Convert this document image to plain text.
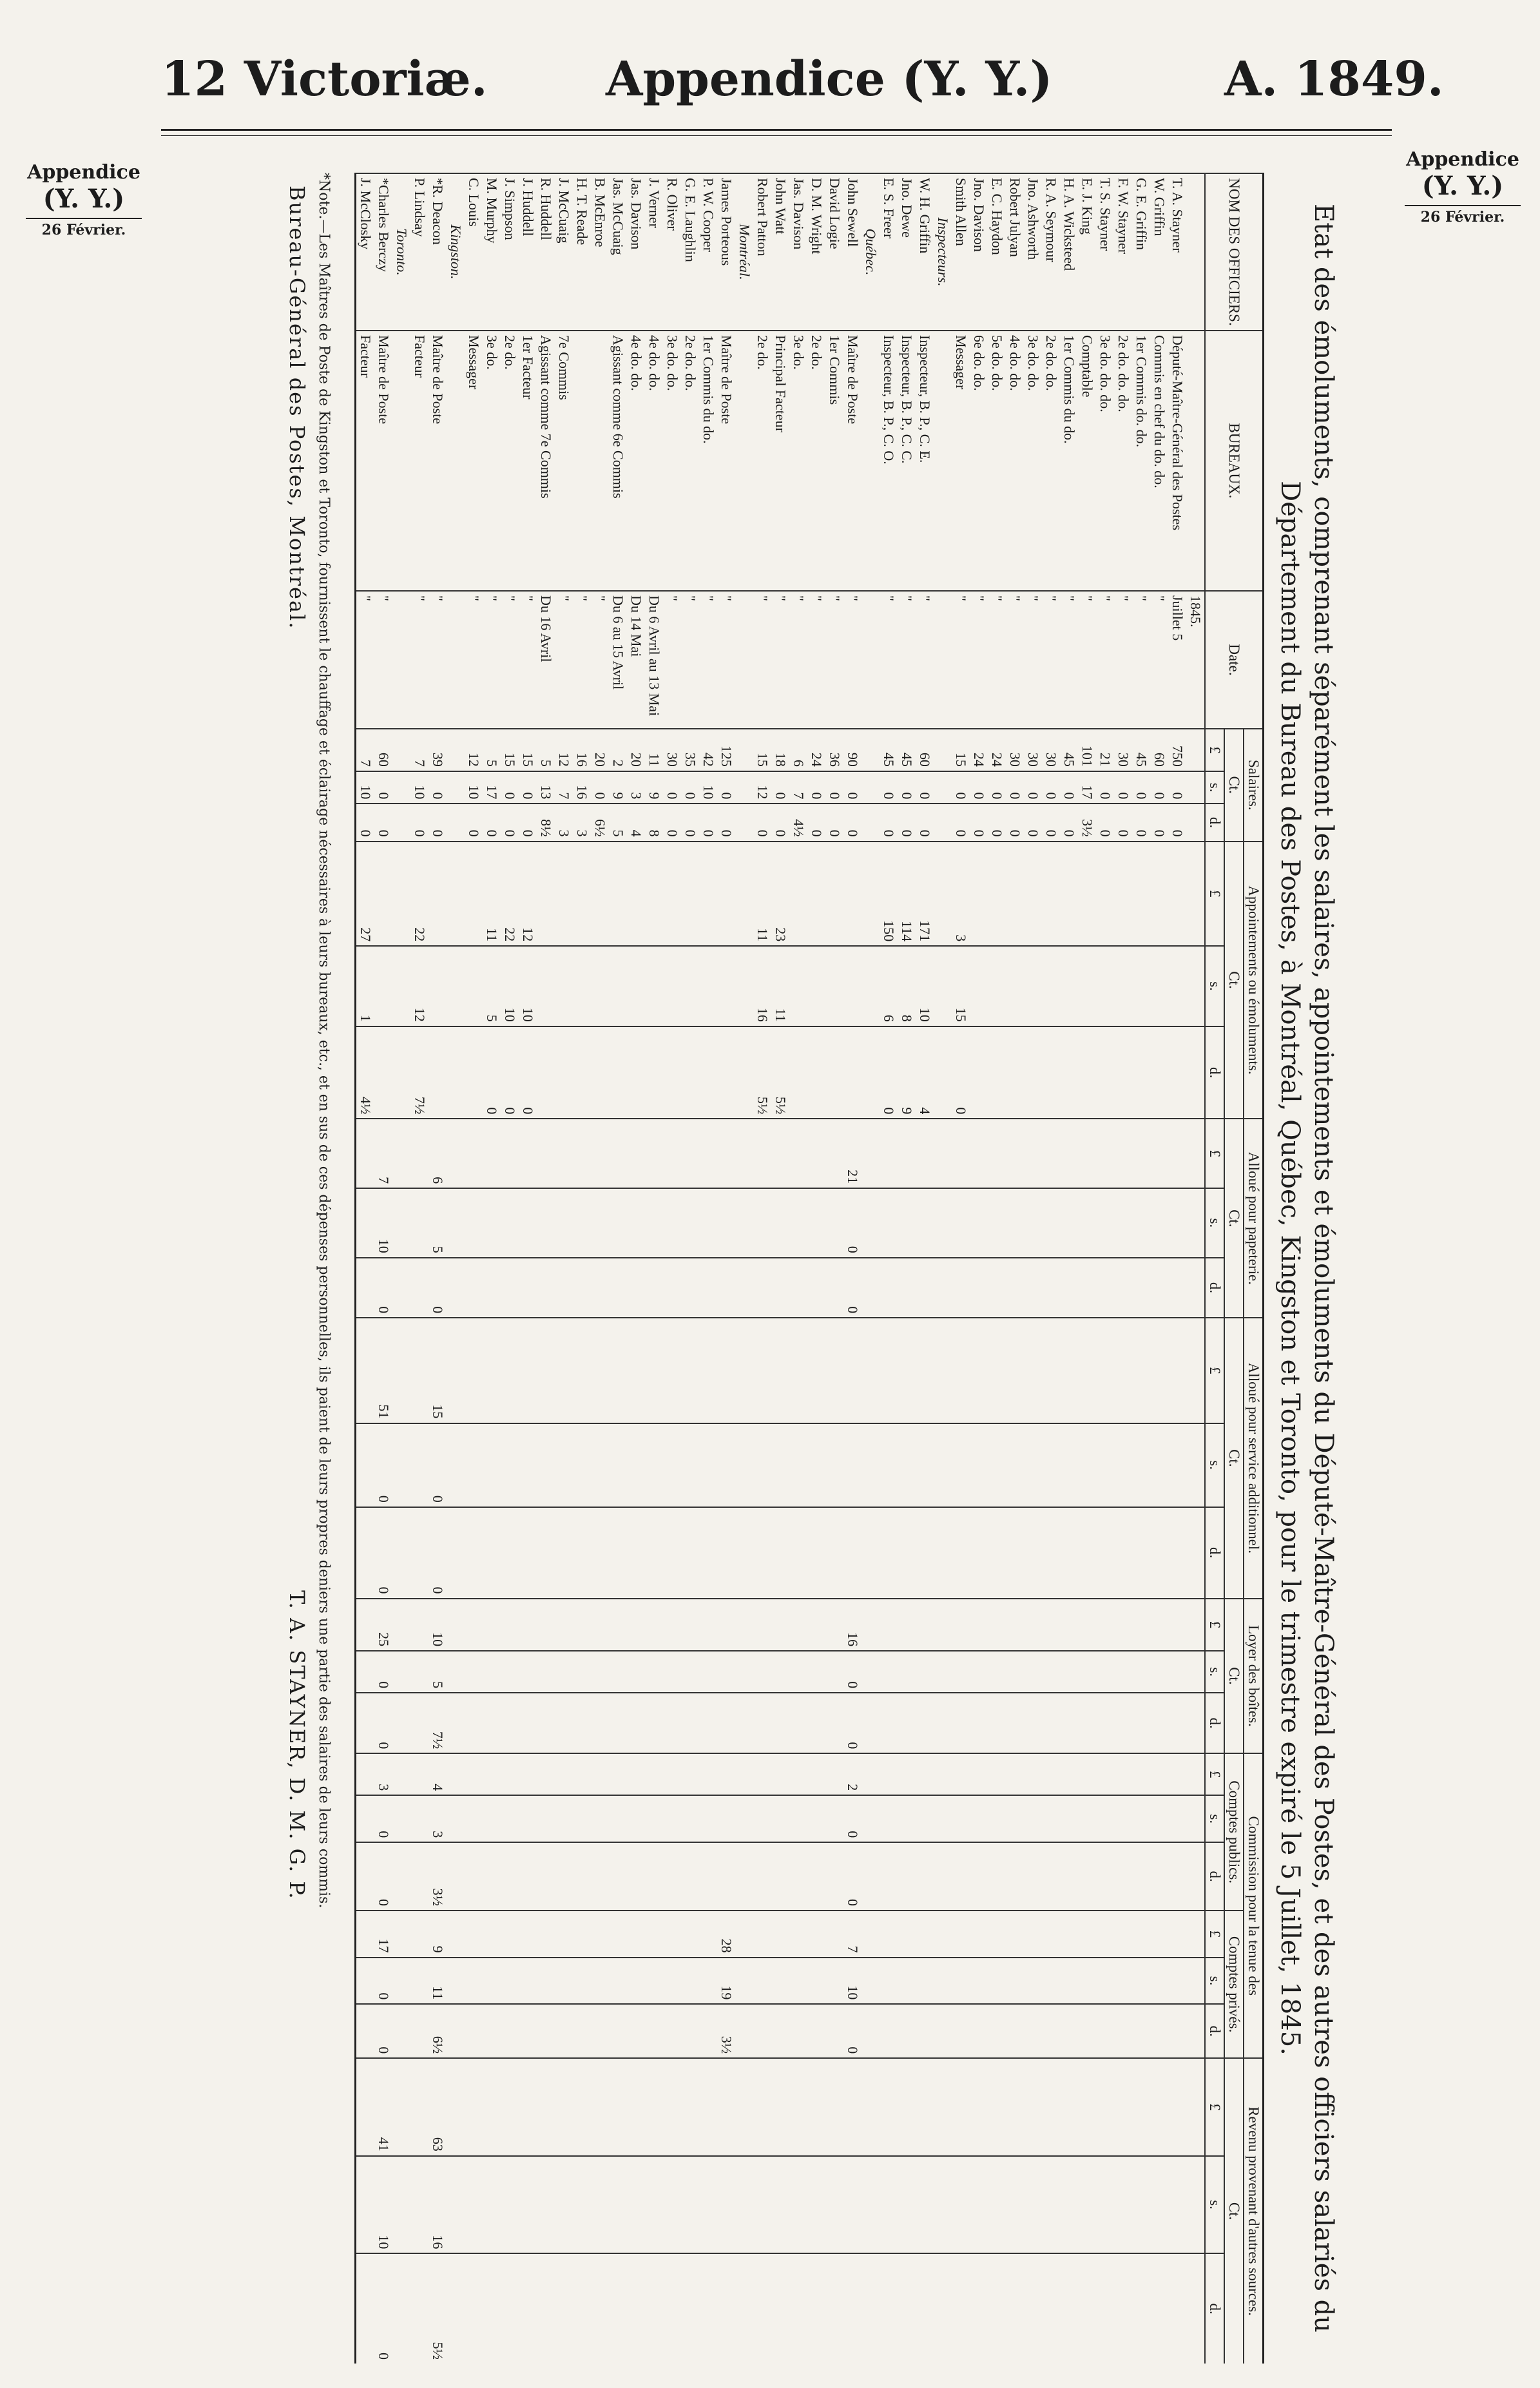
12 Victoriæ. Appendice (Y. Y.)	A. 1849.
Appendice
(Y. Y.)
26 Février.
Appendice
(Y. Y.)
26 Février.
Etat des émoluments, comprenant séparément les salaires, appointements et émoluments du Député-Maître-Général des Postes, et des autres officiers salariés du Département du Bureau des Postes, à Montréal, Québec, Kingston et Toronto, pour le trimestre expiré le 5 Juillet, 1845.
NOM DES OFFICIERS.	BUREAUX.	Date.	Salaires.			Appointements ou émoluments.			Alloué pour papeterie.			Alloué pour service additionnel.			Loyer des boîtes.			Commission pour la tenue des						Revenu provenant d'autres sources.		
			Ct.			Ct.			Ct.			Ct.			Ct.			Comptes publics.			Comptes privés.			Ct.		
			£	s.	d.	£	s.	d.	£	s.	d.	£	s.	d.	£	s.	d.	£	s.	d.	£	s.	d.	£	s.	d.
		1845.																								
T. A. Stayner	Député-Maître-Général des Postes	Juillet 5	750	0	0																					
W. Griffin	Commis en chef du do. do.	"	60	0	0																					
G. E. Griffin	1er Commis do. do.	"	45	0	0																					
F. W. Stayner	2e do. do. do.	"	30	0	0																					
T. S. Stayner	3e do. do. do.	"	21	0	0																					
E. J. King	Comptable	"	101	17	3½																					
H. A. Wicksteed	1er Commis du do.	"	45	0	0																					
R. A. Seymour	2e do. do.	"	30	0	0																					
Jno. Ashworth	3e do. do.	"	30	0	0																					
Robert Julyan	4e do. do.	"	30	0	0																					
E. C. Haydon	5e do. do.	"	24	0	0																					
Jno. Davison	6e do. do.	"	24	0	0																					
Smith Allen	Messager	"	15	0	0	3	15	0																		
Inspecteurs.																										
W. H. Griffin	Inspecteur, B. P., C. E.	"	60	0	0	171	10	4																		
Jno. Dewe	Inspecteur, B. P., C. C.	"	45	0	0	114	8	9																		
E. S. Freer	Inspecteur, B. P., C. O.	"	45	0	0	150	6	0																		
Québec.																										
John Sewell	Maître de Poste	"	90	0	0				21	0	0				16	0	0	2	0	0	7	10	0			
David Logie	1er Commis	"	36	0	0																					
D. M. Wright	2e do.	"	24	0	0																					
Jas. Davison	3e do.	"	6	7	4½																					
John Watt	Principal Facteur	"	18	0	0	23	11	5½																		
Robert Patton	2e do.	"	15	12	0	11	16	5½																		
Montréal.																										
James Porteous	Maître de Poste	"	125	0	0																28	19	3½			
P. W. Cooper	1er Commis du do.	"	42	10	0																					
G. E. Laughlin	2e do. do.	"	35	0	0																					
R. Oliver	3e do. do.	"	30	0	0																					
J. Verner	4e do. do.	Du 6 Avril au 13 Mai	11	9	8																					
Jas. Davison	4e do. do.	Du 14 Mai	20	3	4																					
Jas. McCuaig	Agissant comme 6e Commis	Du 6 au 15 Avril	2	9	5																					
B. McEnroe		"	20	0	6½																					
H. T. Reade		"	16	16	3																					
J. McCuaig	7e Commis	"	12	7	3																					
R. Huddell	Agissant comme 7e Commis	Du 16 Avril	5	13	8½																					
J. Huddell	1er Facteur	"	15	0	0	12	10	0																		
J. Simpson	2e do.	"	15	0	0	22	10	0																		
M. Murphy	3e do.	"	5	17	0	11	5	0																		
C. Louis	Messager	"	12	10	0																					
Kingston.																										
*R. Deacon	Maître de Poste	"	39	0	0				6	5	0	15	0	0	10	5	7½	4	3	3½	9	11	6½	63	16	5½
P. Lindsay	Facteur	"	7	10	0	22	12	7½																		
Toronto.																										
*Charles Berczy	Maître de Poste	"	60	0	0				7	10	0	51	0	0	25	0	0	3	0	0	17	0	0	41	10	0
J. McClosky	Facteur	"	7	10	0	27	1	4½																		
*Note.—Les Maîtres de Poste de Kingston et Toronto, fournissent le chauffage et éclairage nécessaires à leurs bureaux, etc., et en sus de ces dépenses personnelles, ils paient de leurs propres deniers une partie des salaires de leurs commis.
Bureau-Général des Postes, Montréal.
T. A. STAYNER, D. M. G. P.
